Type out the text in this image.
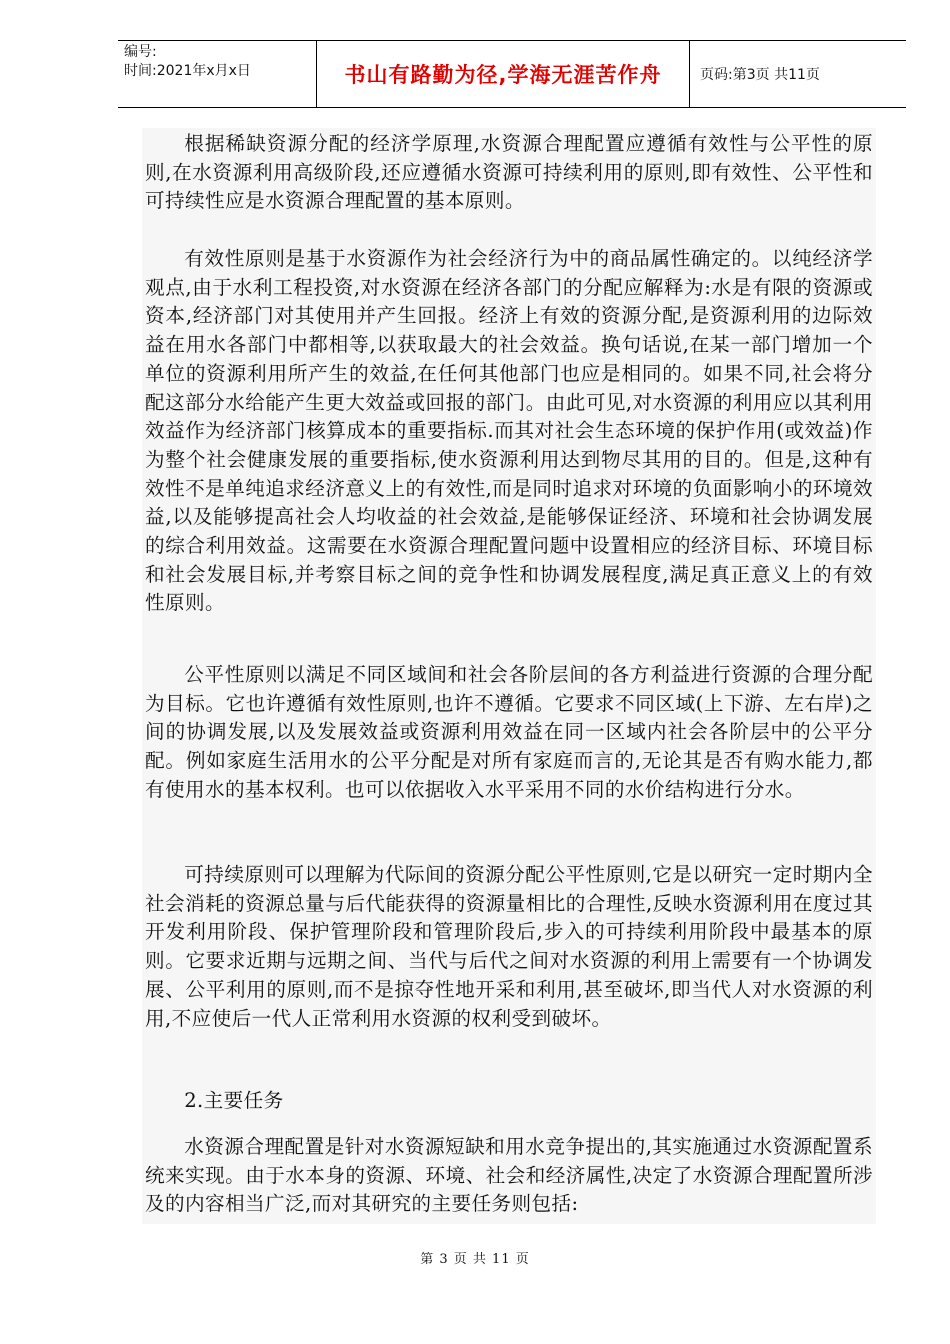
编号:
时间:2021年x月x日	书山有路勤为径,学海无涯苦作舟	页码:第3页 共11页

根据稀缺资源分配的经济学原理,水资源合理配置应遵循有效性与公平性的原则,在水资源利用高级阶段,还应遵循水资源可持续利用的原则,即有效性、公平性和可持续性应是水资源合理配置的基本原则。

有效性原则是基于水资源作为社会经济行为中的商品属性确定的。以纯经济学观点,由于水利工程投资,对水资源在经济各部门的分配应解释为:水是有限的资源或资本,经济部门对其使用并产生回报。经济上有效的资源分配,是资源利用的边际效益在用水各部门中都相等,以获取最大的社会效益。换句话说,在某一部门增加一个单位的资源利用所产生的效益,在任何其他部门也应是相同的。如果不同,社会将分配这部分水给能产生更大效益或回报的部门。由此可见,对水资源的利用应以其利用效益作为经济部门核算成本的重要指标.而其对社会生态环境的保护作用(或效益)作为整个社会健康发展的重要指标,使水资源利用达到物尽其用的目的。但是,这种有效性不是单纯追求经济意义上的有效性,而是同时追求对环境的负面影响小的环境效益,以及能够提高社会人均收益的社会效益,是能够保证经济、环境和社会协调发展的综合利用效益。这需要在水资源合理配置问题中设置相应的经济目标、环境目标和社会发展目标,并考察目标之间的竞争性和协调发展程度,满足真正意义上的有效性原则。

公平性原则以满足不同区域间和社会各阶层间的各方利益进行资源的合理分配为目标。它也许遵循有效性原则,也许不遵循。它要求不同区域(上下游、左右岸)之间的协调发展,以及发展效益或资源利用效益在同一区域内社会各阶层中的公平分配。例如家庭生活用水的公平分配是对所有家庭而言的,无论其是否有购水能力,都有使用水的基本权利。也可以依据收入水平采用不同的水价结构进行分水。

可持续原则可以理解为代际间的资源分配公平性原则,它是以研究一定时期内全社会消耗的资源总量与后代能获得的资源量相比的合理性,反映水资源利用在度过其开发利用阶段、保护管理阶段和管理阶段后,步入的可持续利用阶段中最基本的原则。它要求近期与远期之间、当代与后代之间对水资源的利用上需要有一个协调发展、公平利用的原则,而不是掠夺性地开采和利用,甚至破坏,即当代人对水资源的利用,不应使后一代人正常利用水资源的权利受到破坏。

2.主要任务

水资源合理配置是针对水资源短缺和用水竞争提出的,其实施通过水资源配置系统来实现。由于水本身的资源、环境、社会和经济属性,决定了水资源合理配置所涉及的内容相当广泛,而对其研究的主要任务则包括:

第 3 页 共 11 页
